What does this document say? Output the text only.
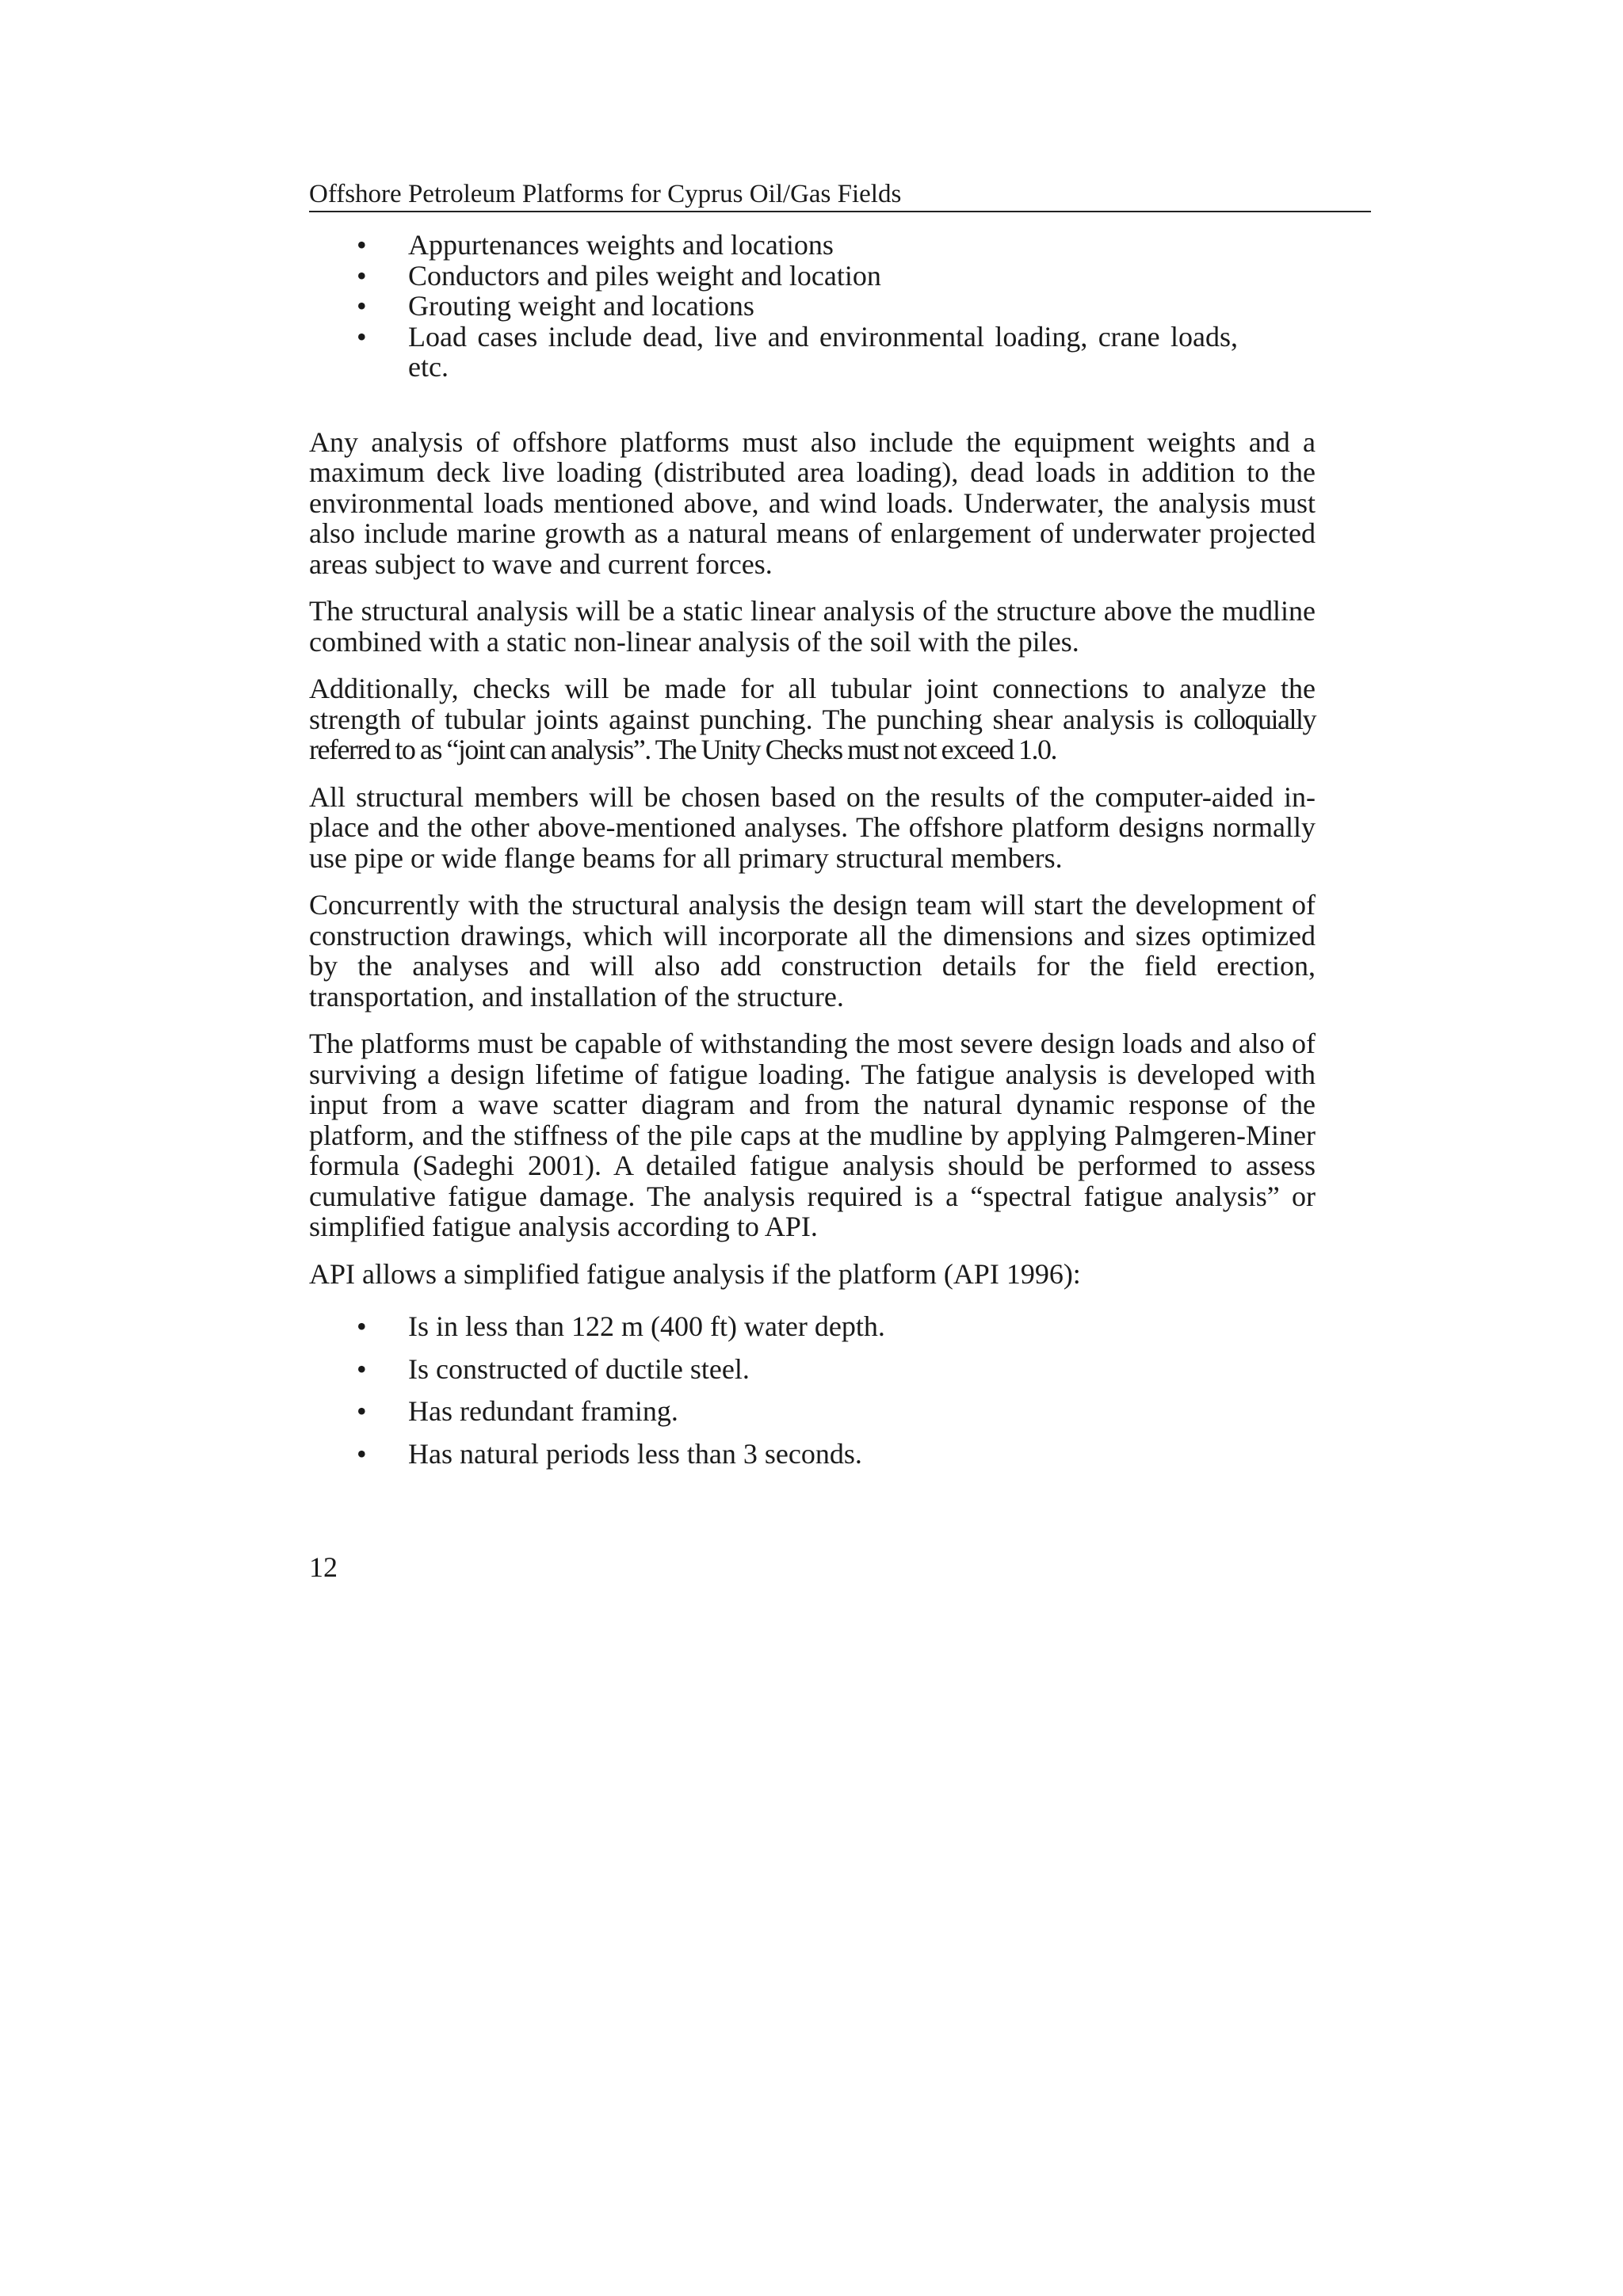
Offshore Petroleum Platforms for Cyprus Oil/Gas Fields
• Appurtenances weights and locations
• Conductors and piles weight and location
• Grouting weight and locations
• Load cases include dead, live and environmental loading, crane loads, etc.

Any analysis of offshore platforms must also include the equipment weights and a maximum deck live loading (distributed area loading), dead loads in addition to the environmental loads mentioned above, and wind loads. Underwater, the analysis must also include marine growth as a natural means of enlargement of underwater projected areas subject to wave and current forces.

The structural analysis will be a static linear analysis of the structure above the mudline combined with a static non-linear analysis of the soil with the piles.

Additionally, checks will be made for all tubular joint connections to analyze the strength of tubular joints against punching. The punching shear analysis is colloquially referred to as “joint can analysis”. The Unity Checks must not exceed 1.0.

All structural members will be chosen based on the results of the computer-aided in-place and the other above-mentioned analyses. The offshore platform designs normally use pipe or wide flange beams for all primary structural members.

Concurrently with the structural analysis the design team will start the development of construction drawings, which will incorporate all the dimensions and sizes optimized by the analyses and will also add construction details for the field erection, transportation, and installation of the structure.

The platforms must be capable of withstanding the most severe design loads and also of surviving a design lifetime of fatigue loading. The fatigue analysis is developed with input from a wave scatter diagram and from the natural dynamic response of the platform, and the stiffness of the pile caps at the mudline by applying Palmgeren-Miner formula (Sadeghi 2001). A detailed fatigue analysis should be performed to assess cumulative fatigue damage. The analysis required is a “spectral fatigue analysis” or simplified fatigue analysis according to API.

API allows a simplified fatigue analysis if the platform (API 1996):

• Is in less than 122 m (400 ft) water depth.
• Is constructed of ductile steel.
• Has redundant framing.
• Has natural periods less than 3 seconds.
12
